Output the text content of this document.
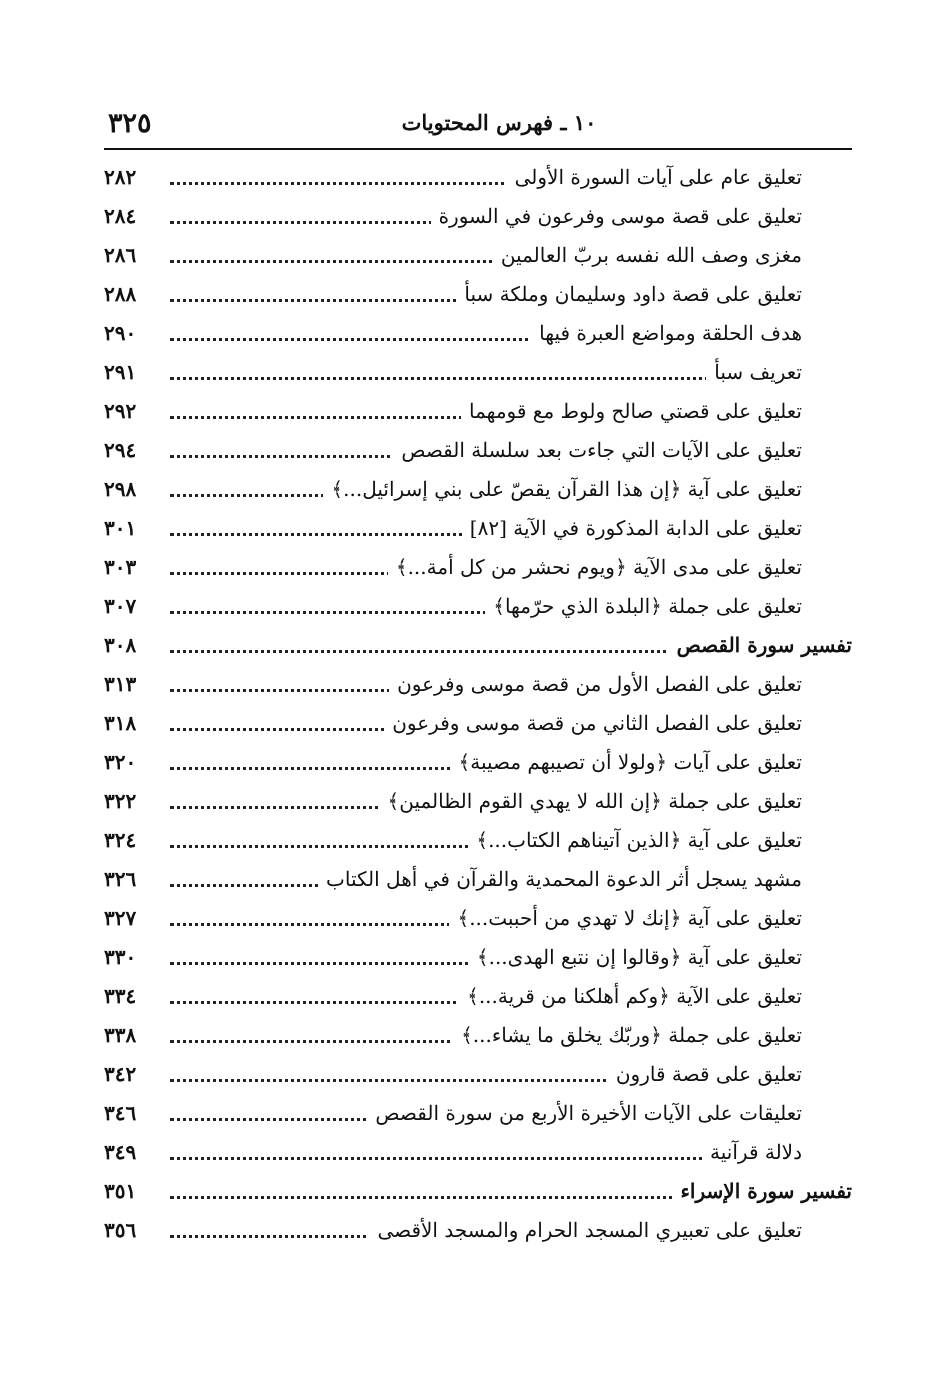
٣٢٥	١٠ ـ فهرس المحتويات
تعليق عام على آيات السورة الأولى
٢٨٢
تعليق على قصة موسى وفرعون في السورة
٢٨٤
مغزى وصف الله نفسه بربّ العالمين
٢٨٦
تعليق على قصة داود وسليمان وملكة سبأ
٢٨٨
هدف الحلقة ومواضع العبرة فيها
٢٩٠
تعريف سبأ
٢٩١
تعليق على قصتي صالح ولوط مع قومهما
٢٩٢
تعليق على الآيات التي جاءت بعد سلسلة القصص
٢٩٤
تعليق على آية ﴿إن هذا القرآن يقصّ على بني إسرائيل...﴾
٢٩٨
تعليق على الدابة المذكورة في الآية [٨٢]
٣٠١
تعليق على مدى الآية ﴿ويوم نحشر من كل أمة...﴾
٣٠٣
تعليق على جملة ﴿البلدة الذي حرّمها﴾
٣٠٧
تفسير سورة القصص
٣٠٨
تعليق على الفصل الأول من قصة موسى وفرعون
٣١٣
تعليق على الفصل الثاني من قصة موسى وفرعون
٣١٨
تعليق على آيات ﴿ولولا أن تصيبهم مصيبة﴾
٣٢٠
تعليق على جملة ﴿إن الله لا يهدي القوم الظالمين﴾
٣٢٢
تعليق على آية ﴿الذين آتيناهم الكتاب...﴾
٣٢٤
مشهد يسجل أثر الدعوة المحمدية والقرآن في أهل الكتاب
٣٢٦
تعليق على آية ﴿إنك لا تهدي من أحببت...﴾
٣٢٧
تعليق على آية ﴿وقالوا إن نتبع الهدى...﴾
٣٣٠
تعليق على الآية ﴿وكم أهلكنا من قرية...﴾
٣٣٤
تعليق على جملة ﴿وربّك يخلق ما يشاء...﴾
٣٣٨
تعليق على قصة قارون
٣٤٢
تعليقات على الآيات الأخيرة الأربع من سورة القصص
٣٤٦
دلالة قرآنية
٣٤٩
تفسير سورة الإسراء
٣٥١
تعليق على تعبيري المسجد الحرام والمسجد الأقصى
٣٥٦
